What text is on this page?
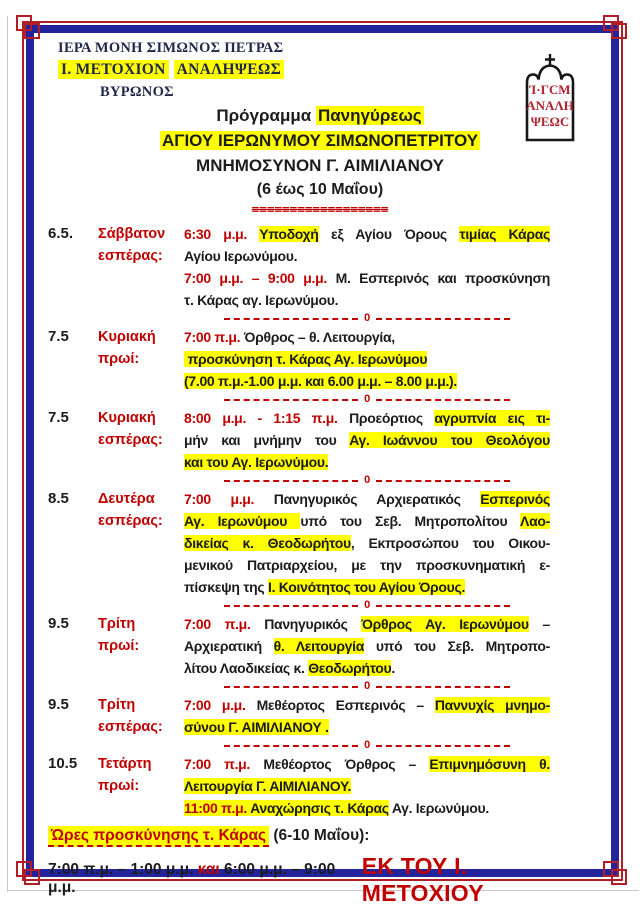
ΙΕΡΑ ΜΟΝΗ ΣΙΜΩΝΟΣ ΠΕΤΡΑΣ
Ι. ΜΕΤΟΧΙΟΝ ΑΝΑΛΗΨΕΩΣ
ΒΥΡΩΝΟΣ	Ί·ΓϹΜ
ΑΝΑΛΗ
ΨΕΩϹ
Πρόγραμμα Πανηγύρεως
ΑΓΙΟΥ ΙΕΡΩΝΥΜΟΥ ΣΙΜΩΝΟΠΕΤΡΙΤΟΥ
ΜΝΗΜΟΣΥΝΟΝ Γ. ΑΙΜΙΛΙΑΝΟΥ
(6 έως 10 Μαΐου)
==================
6.5.	Σάββατον
εσπέρας:
6:30 μ.μ. Υποδοχή εξ Αγίου Όρους τιμίας Κάρας
Αγίου Ιερωνύμου.
7:00 μ.μ. – 9:00 μ.μ. Μ. Εσπερινός και προσκύνηση
τ. Κάρας αγ. Ιερωνύμου.
0
7.5	Κυριακή
πρωί:
7:00 π.μ. Όρθρος – θ. Λειτουργία,
προσκύνηση τ. Κάρας Αγ. Ιερωνύμου
(7.00 π.μ.-1.00 μ.μ. και 6.00 μ.μ. – 8.00 μ.μ.).
0
7.5	Κυριακή
εσπέρας:
8:00 μ.μ. - 1:15 π.μ. Προεόρτιος αγρυπνία εις τι-
μήν και μνήμην του Αγ. Ιωάννου του Θεολόγου
και του Αγ. Ιερωνύμου.
0
8.5	Δευτέρα
εσπέρας:
7:00 μ.μ. Πανηγυρικός Αρχιερατικός Εσπερινός
Αγ. Ιερωνύμου υπό του Σεβ. Μητροπολίτου Λαο-
δικείας κ. Θεοδωρήτου, Εκπροσώπου του Οικου-
μενικού Πατριαρχείου, με την προσκυνηματική ε-
πίσκεψη της Ι. Κοινότητος του Αγίου Όρους.
0
9.5	Τρίτη
πρωί:
7:00 π.μ. Πανηγυρικός Όρθρος Αγ. Ιερωνύμου –
Αρχιερατική θ. Λειτουργία υπό του Σεβ. Μητροπο-
λίτου Λαοδικείας κ. Θεοδωρήτου.
0
9.5	Τρίτη
εσπέρας:
7:00 μ.μ. Μεθέορτος Εσπερινός – Παννυχίς μνημο-
σύνου Γ. ΑΙΜΙΛΙΑΝΟΥ .
0
10.5	Τετάρτη
πρωί:
7:00 π.μ. Μεθέορτος Όρθρος – Επιμνημόσυνη θ.
Λειτουργία Γ. ΑΙΜΙΛΙΑΝΟΥ.
11:00 π.μ. Αναχώρησις τ. Κάρας Αγ. Ιερωνύμου.
Ώρες προσκύνησης τ. Κάρας (6-10 Μαΐου):
7:00 π.μ. – 1:00 μ.μ. και 6:00 μ.μ. – 9:00 μ.μ.
ΕΚ ΤΟΥ Ι. ΜΕΤΟΧΙΟΥ
